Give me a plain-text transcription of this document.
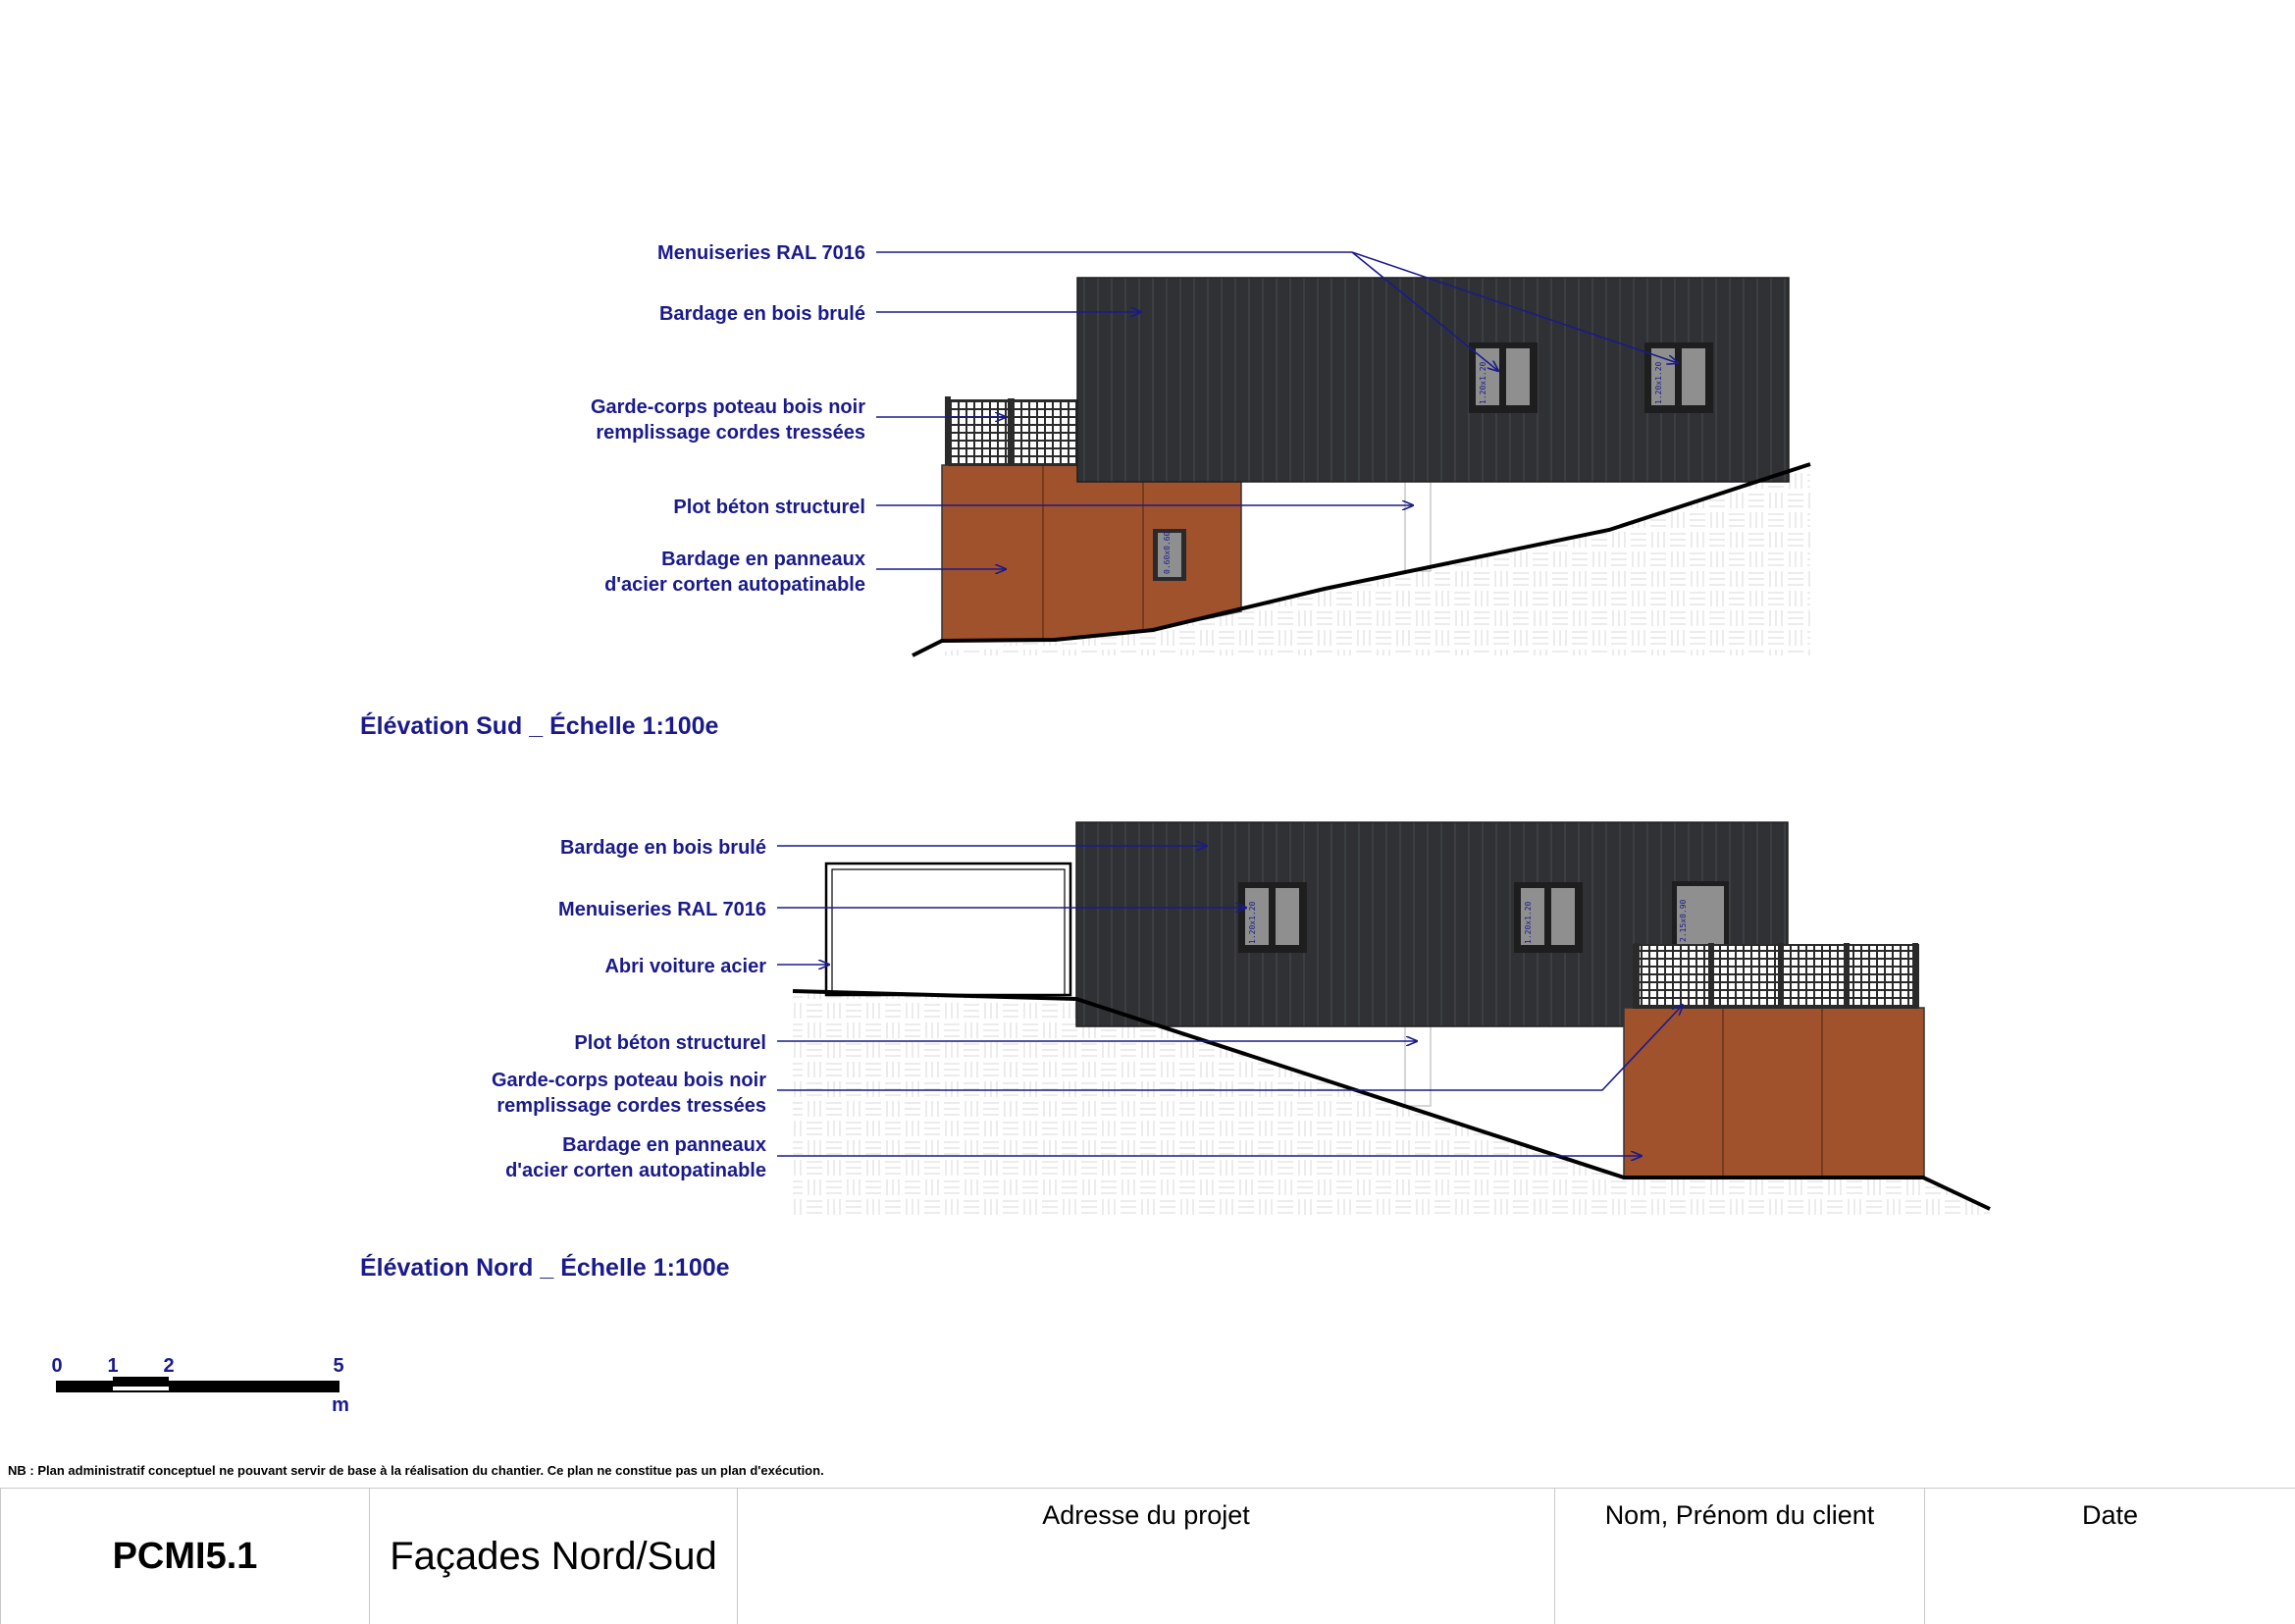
0.60x0.60
1.20x1.20	1.20x1.20
Menuiseries RAL 7016
Bardage en bois brulé
Garde-corps poteau bois noir
remplissage cordes tressées
Plot béton structurel
Bardage en panneaux
d'acier corten autopatinable
Élévation Sud _ Échelle 1:100e
1.20x1.20	1.20x1.20	2.15x0.90
Bardage en bois brulé
Menuiseries RAL 7016
Abri voiture acier
Plot béton structurel
Garde-corps poteau bois noir
remplissage cordes tressées
Bardage en panneaux
d'acier corten autopatinable
Élévation Nord _ Échelle 1:100e
0 1 2	5
m
NB : Plan administratif conceptuel ne pouvant servir de base à la réalisation du chantier. Ce plan ne constitue pas un plan d'exécution.
PCMI5.1	Façades Nord/Sud
Adresse du projet	Nom, Prénom du client	Date
